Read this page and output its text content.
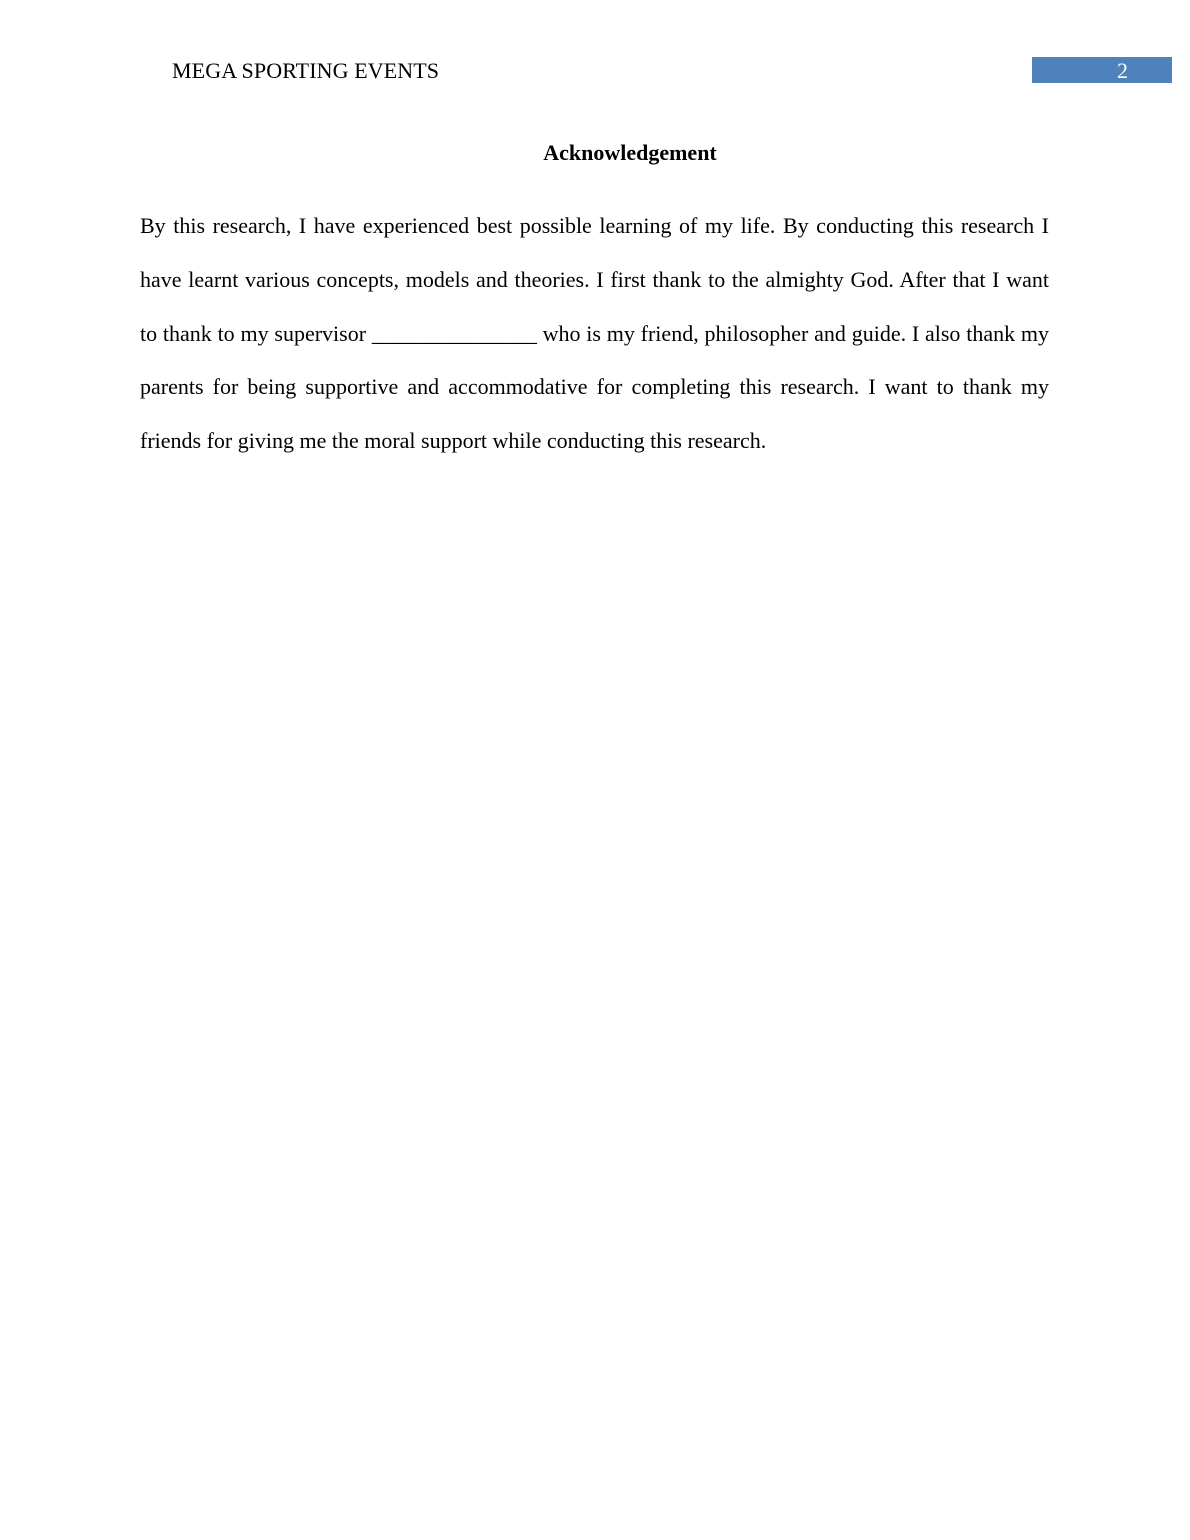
MEGA SPORTING EVENTS	2
Acknowledgement

By this research, I have experienced best possible learning of my life. By conducting this research I have learnt various concepts, models and theories. I first thank to the almighty God. After that I want to thank to my supervisor _______________ who is my friend, philosopher and guide. I also thank my parents for being supportive and accommodative for completing this research. I want to thank my friends for giving me the moral support while conducting this research.
